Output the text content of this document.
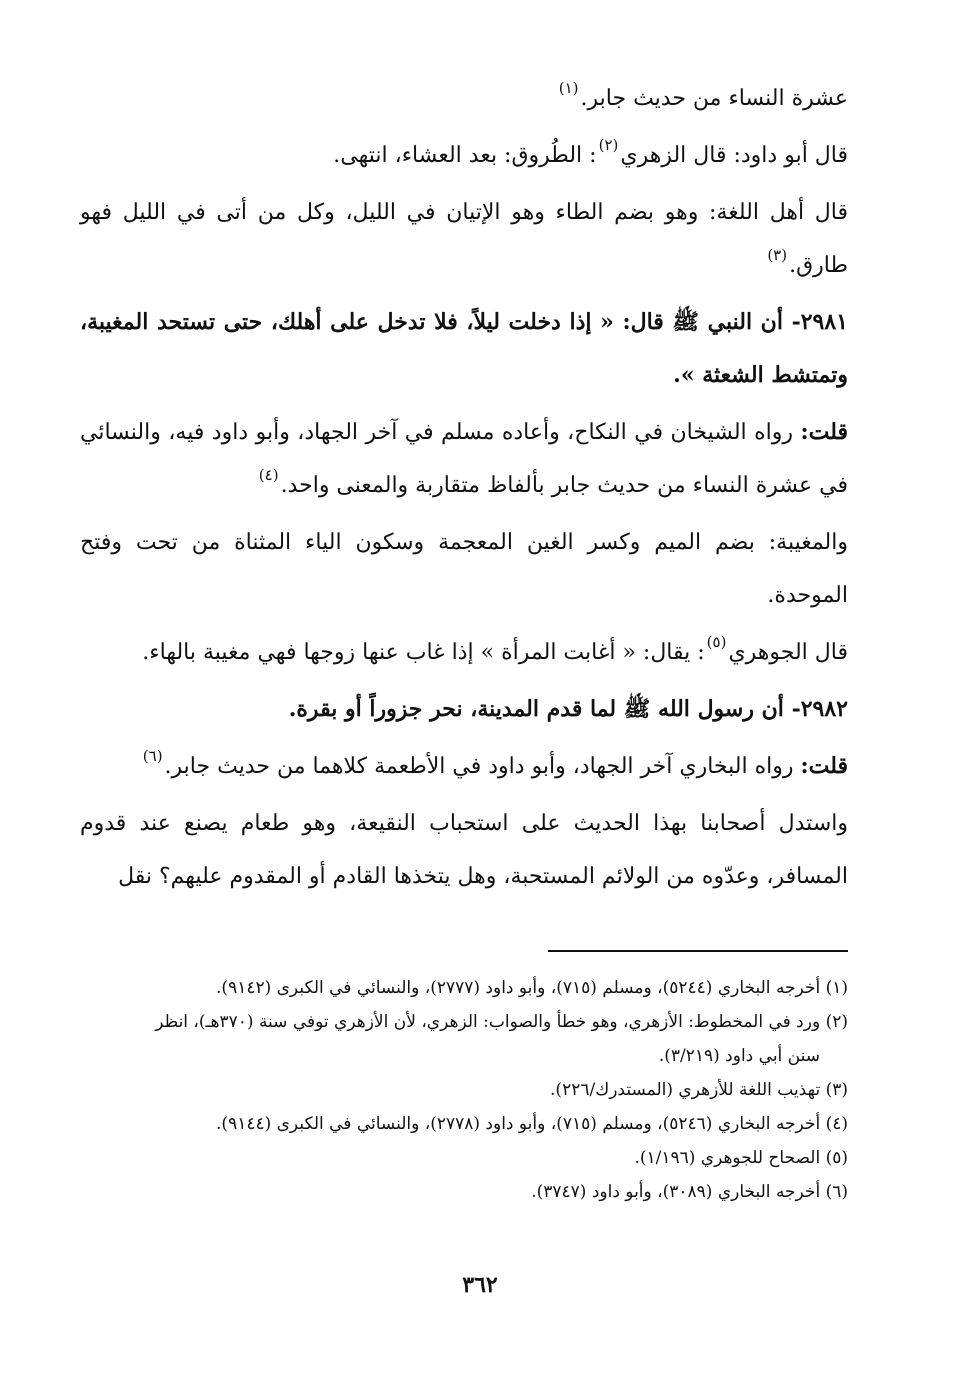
عشرة النساء من حديث جابر.$^{(١)}$

قال أبو داود: قال الزهري$^{(٢)}$: الطُروق: بعد العشاء، انتهى.

قال أهل اللغة: وهو بضم الطاء وهو الإتيان في الليل، وكل من أتى في الليل فهو طارق.$^{(٣)}$

٢٩٨١- أن النبي ﷺ قال: « إذا دخلت ليلاً، فلا تدخل على أهلك، حتى تستحد المغيبة، وتمتشط الشعثة ».

قلت: رواه الشيخان في النكاح، وأعاده مسلم في آخر الجهاد، وأبو داود فيه، والنسائي في عشرة النساء من حديث جابر بألفاظ متقاربة والمعنى واحد.$^{(٤)}$

والمغيبة: بضم الميم وكسر الغين المعجمة وسكون الياء المثناة من تحت وفتح الموحدة.

قال الجوهري$^{(٥)}$: يقال: « أغابت المرأة » إذا غاب عنها زوجها فهي مغيبة بالهاء.

٢٩٨٢- أن رسول الله ﷺ لما قدم المدينة، نحر جزوراً أو بقرة.

قلت: رواه البخاري آخر الجهاد، وأبو داود في الأطعمة كلاهما من حديث جابر.$^{(٦)}$

واستدل أصحابنا بهذا الحديث على استحباب النقيعة، وهو طعام يصنع عند قدوم المسافر، وعدّوه من الولائم المستحبة، وهل يتخذها القادم أو المقدوم عليهم؟ نقل

(١) أخرجه البخاري (٥٢٤٤)، ومسلم (٧١٥)، وأبو داود (٢٧٧٧)، والنسائي في الكبرى (٩١٤٢).

(٢) ورد في المخطوط: الأزهري، وهو خطأ والصواب: الزهري، لأن الأزهري توفي سنة (٣٧٠هـ)، انظر

سنن أبي داود (٣/٢١٩).

(٣) تهذيب اللغة للأزهري (المستدرك/٢٢٦).

(٤) أخرجه البخاري (٥٢٤٦)، ومسلم (٧١٥)، وأبو داود (٢٧٧٨)، والنسائي في الكبرى (٩١٤٤).

(٥) الصحاح للجوهري (١/١٩٦).

(٦) أخرجه البخاري (٣٠٨٩)، وأبو داود (٣٧٤٧).

٣٦٢
